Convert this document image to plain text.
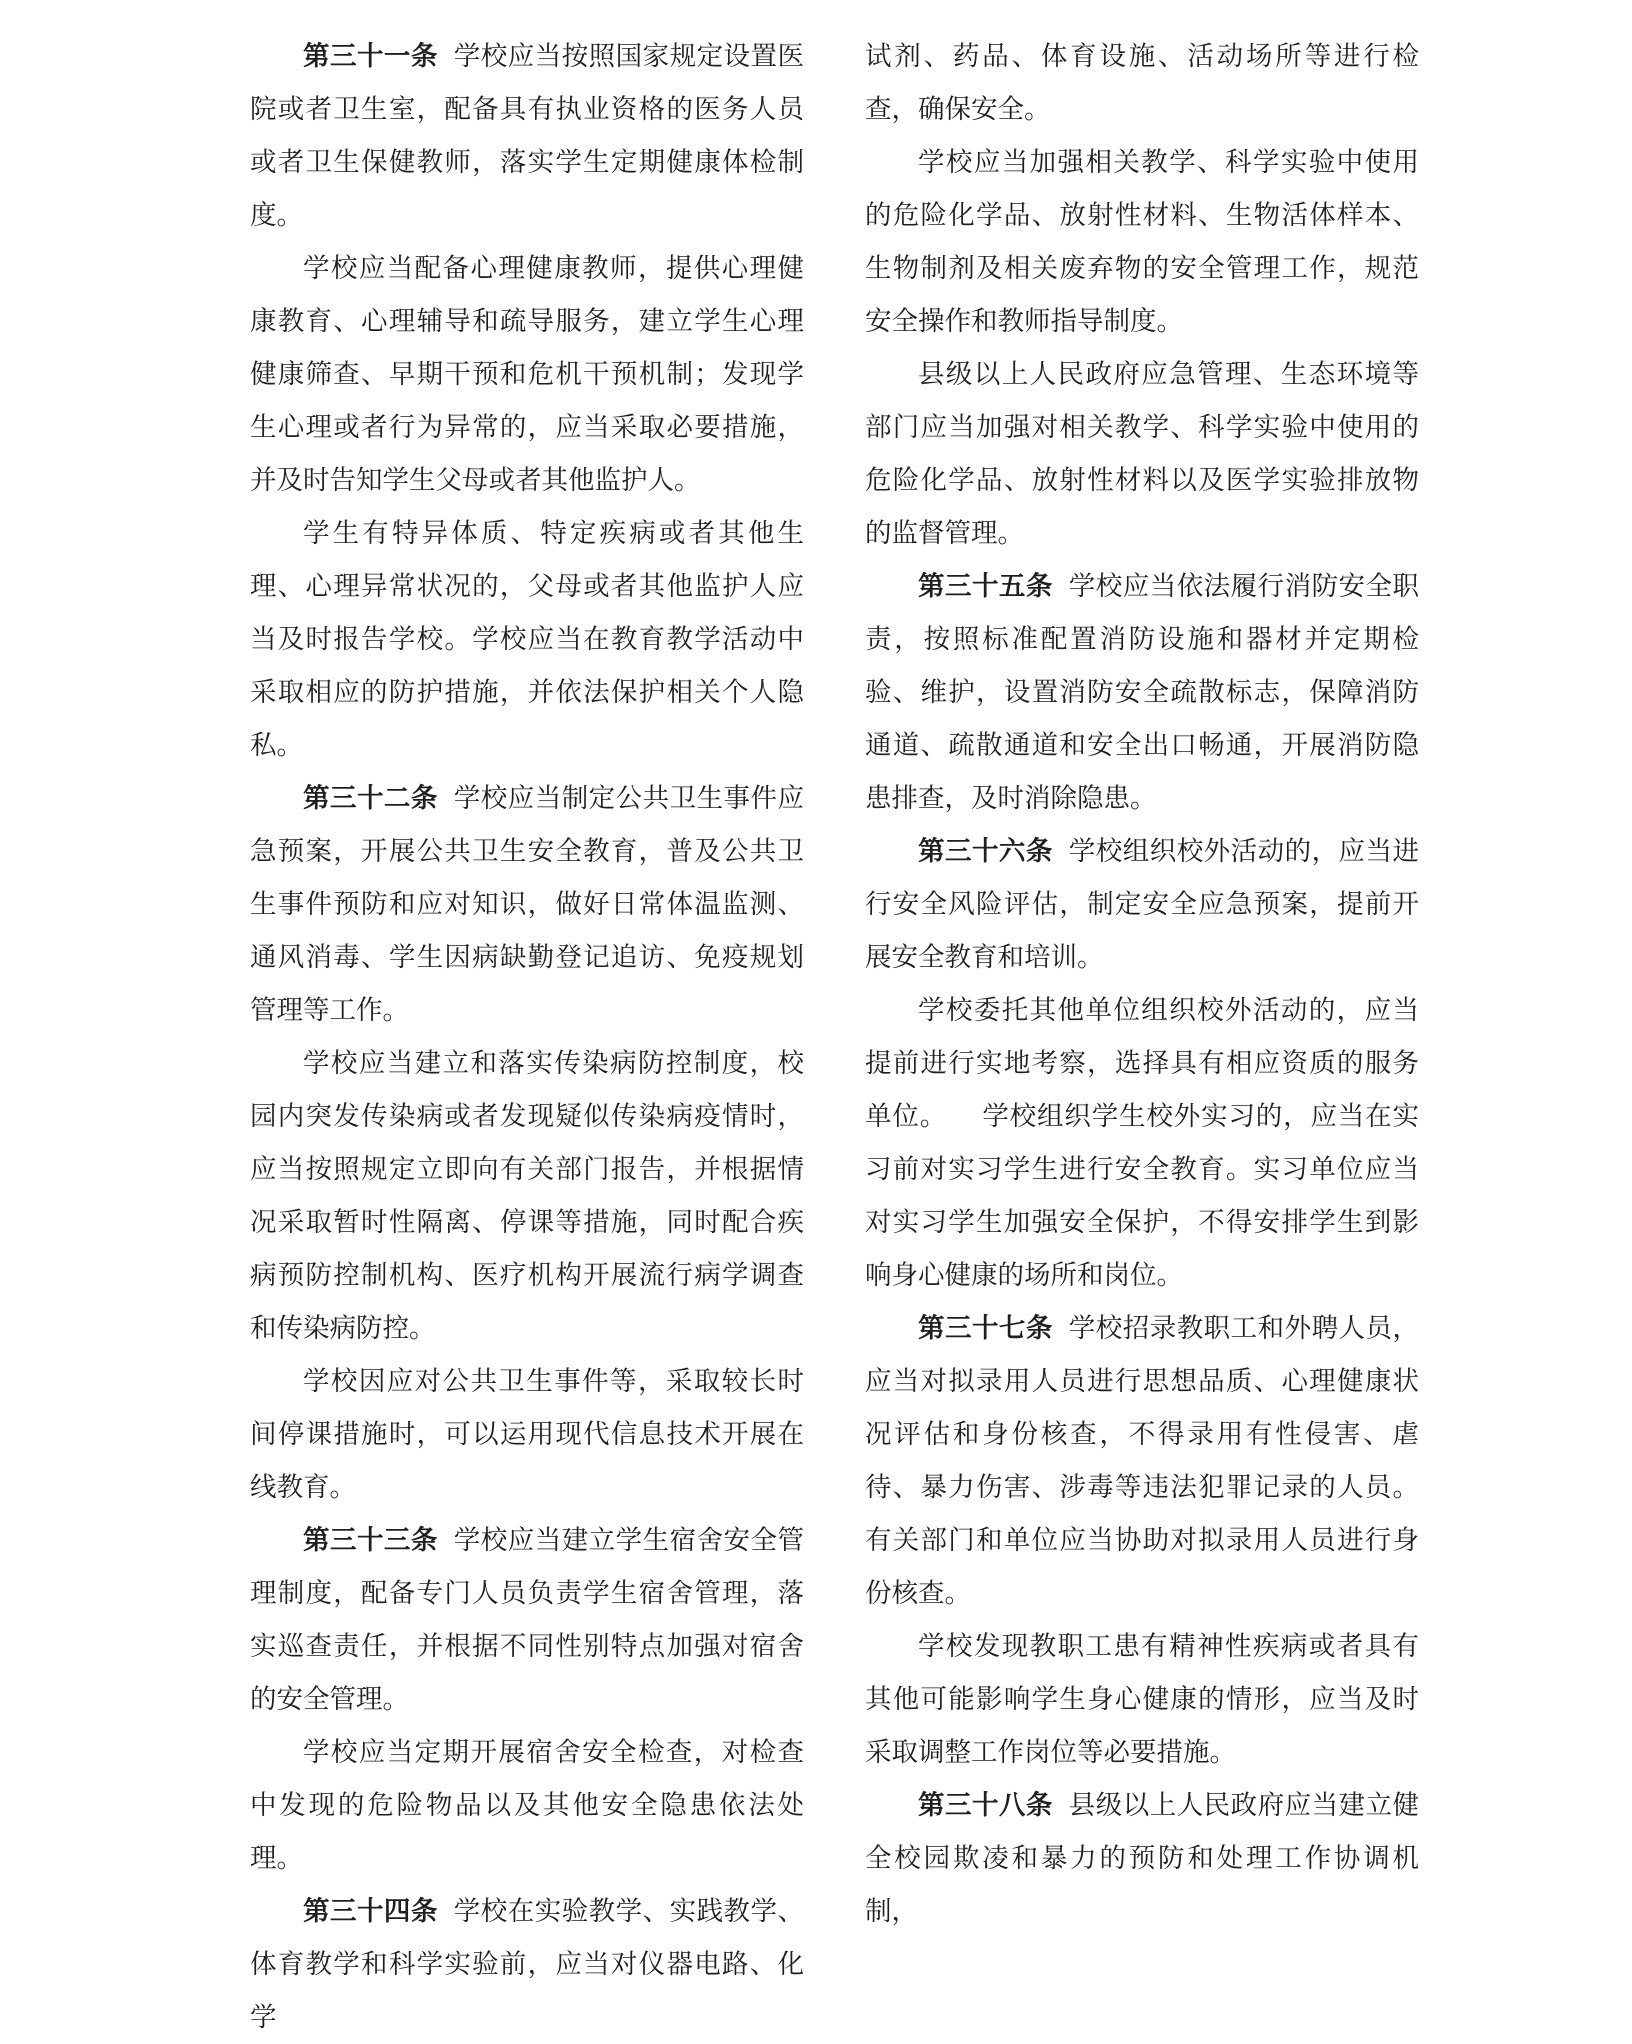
第三十一条 学校应当按照国家规定设置医院或者卫生室，配备具有执业资格的医务人员或者卫生保健教师，落实学生定期健康体检制度。

学校应当配备心理健康教师，提供心理健康教育、心理辅导和疏导服务，建立学生心理健康筛查、早期干预和危机干预机制；发现学生心理或者行为异常的，应当采取必要措施，并及时告知学生父母或者其他监护人。

学生有特异体质、特定疾病或者其他生理、心理异常状况的，父母或者其他监护人应当及时报告学校。学校应当在教育教学活动中采取相应的防护措施，并依法保护相关个人隐私。

第三十二条 学校应当制定公共卫生事件应急预案，开展公共卫生安全教育，普及公共卫生事件预防和应对知识，做好日常体温监测、通风消毒、学生因病缺勤登记追访、免疫规划管理等工作。

学校应当建立和落实传染病防控制度，校园内突发传染病或者发现疑似传染病疫情时，应当按照规定立即向有关部门报告，并根据情况采取暂时性隔离、停课等措施，同时配合疾病预防控制机构、医疗机构开展流行病学调查和传染病防控。

学校因应对公共卫生事件等，采取较长时间停课措施时，可以运用现代信息技术开展在线教育。

第三十三条 学校应当建立学生宿舍安全管理制度，配备专门人员负责学生宿舍管理，落实巡查责任，并根据不同性别特点加强对宿舍的安全管理。

学校应当定期开展宿舍安全检查，对检查中发现的危险物品以及其他安全隐患依法处理。

第三十四条 学校在实验教学、实践教学、体育教学和科学实验前，应当对仪器电路、化学

试剂、药品、体育设施、活动场所等进行检查，确保安全。

学校应当加强相关教学、科学实验中使用的危险化学品、放射性材料、生物活体样本、生物制剂及相关废弃物的安全管理工作，规范安全操作和教师指导制度。

县级以上人民政府应急管理、生态环境等部门应当加强对相关教学、科学实验中使用的危险化学品、放射性材料以及医学实验排放物的监督管理。

第三十五条 学校应当依法履行消防安全职责，按照标准配置消防设施和器材并定期检验、维护，设置消防安全疏散标志，保障消防通道、疏散通道和安全出口畅通，开展消防隐患排查，及时消除隐患。

第三十六条 学校组织校外活动的，应当进行安全风险评估，制定安全应急预案，提前开展安全教育和培训。

学校委托其他单位组织校外活动的，应当提前进行实地考察，选择具有相应资质的服务单位。 学校组织学生校外实习的，应当在实习前对实习学生进行安全教育。实习单位应当对实习学生加强安全保护，不得安排学生到影响身心健康的场所和岗位。

第三十七条 学校招录教职工和外聘人员，应当对拟录用人员进行思想品质、心理健康状况评估和身份核查，不得录用有性侵害、虐待、暴力伤害、涉毒等违法犯罪记录的人员。有关部门和单位应当协助对拟录用人员进行身份核查。

学校发现教职工患有精神性疾病或者具有其他可能影响学生身心健康的情形，应当及时采取调整工作岗位等必要措施。

第三十八条 县级以上人民政府应当建立健全校园欺凌和暴力的预防和处理工作协调机制，
